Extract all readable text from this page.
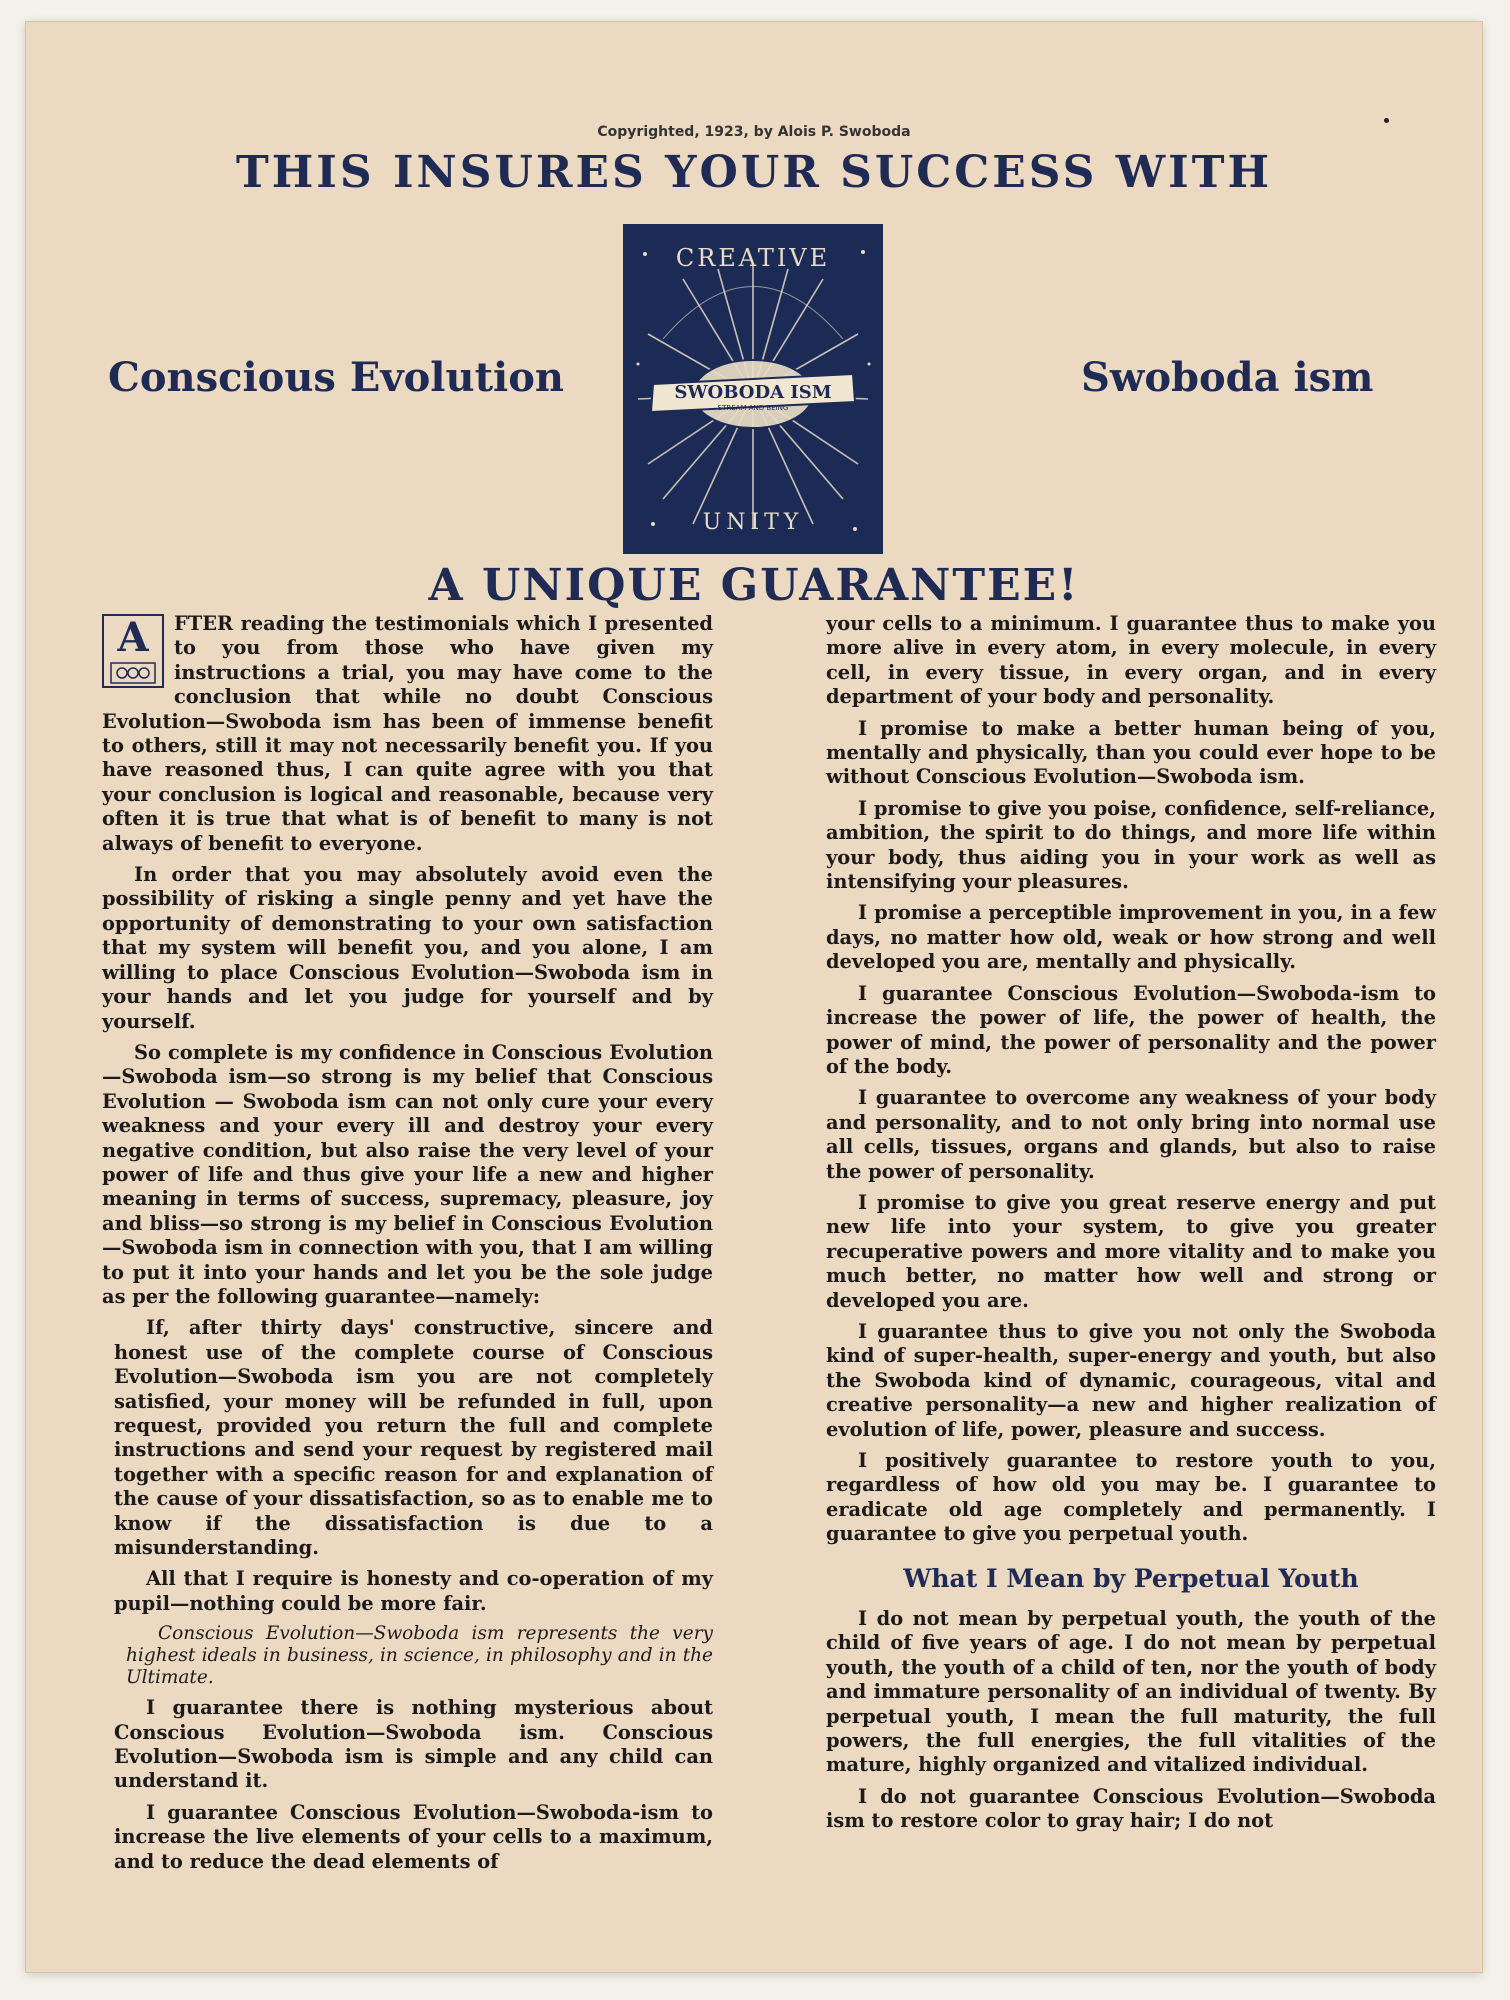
Copyrighted, 1923, by Alois P. Swoboda
THIS INSURES YOUR SUCCESS WITH
Conscious Evolution	Swoboda ism
CREATIVE
SWOBODA ISM
STREAM AND BEING
UNITY
A UNIQUE GUARANTEE!

A	FTER reading the testimonials which I presented to you from those who have given my instructions a trial, you may have come to the conclusion that while no doubt Conscious Evolution—Swoboda ism has been of immense benefit to others, still it may not necessarily benefit you. If you have reasoned thus, I can quite agree with you that your conclusion is logical and reasonable, because very often it is true that what is of benefit to many is not always of benefit to everyone.

In order that you may absolutely avoid even the possibility of risking a single penny and yet have the opportunity of demonstrating to your own satisfaction that my system will benefit you, and you alone, I am willing to place Conscious Evolution—Swoboda ism in your hands and let you judge for yourself and by yourself.

So complete is my confidence in Conscious Evolution—Swoboda ism—so strong is my belief that Conscious Evolution — Swoboda ism can not only cure your every weakness and your every ill and destroy your every negative condition, but also raise the very level of your power of life and thus give your life a new and higher meaning in terms of success, supremacy, pleasure, joy and bliss—so strong is my belief in Conscious Evolution—Swoboda ism in connection with you, that I am willing to put it into your hands and let you be the sole judge as per the following guarantee—namely:

If, after thirty days' constructive, sincere and honest use of the complete course of Conscious Evolution—Swoboda ism you are not completely satisfied, your money will be refunded in full, upon request, provided you return the full and complete instructions and send your request by registered mail together with a specific reason for and explanation of the cause of your dissatisfaction, so as to enable me to know if the dissatisfaction is due to a misunderstanding.

All that I require is honesty and co-operation of my pupil—nothing could be more fair.

Conscious Evolution—Swoboda ism represents the very highest ideals in business, in science, in philosophy and in the Ultimate.

I guarantee there is nothing mysterious about Conscious Evolution—Swoboda ism. Conscious Evolution—Swoboda ism is simple and any child can understand it.

I guarantee Conscious Evolution—Swoboda-ism to increase the live elements of your cells to a maximum, and to reduce the dead elements of

your cells to a minimum. I guarantee thus to make you more alive in every atom, in every molecule, in every cell, in every tissue, in every organ, and in every department of your body and personality.

I promise to make a better human being of you, mentally and physically, than you could ever hope to be without Conscious Evolution—Swoboda ism.

I promise to give you poise, confidence, self-reliance, ambition, the spirit to do things, and more life within your body, thus aiding you in your work as well as intensifying your pleasures.

I promise a perceptible improvement in you, in a few days, no matter how old, weak or how strong and well developed you are, mentally and physically.

I guarantee Conscious Evolution—Swoboda-ism to increase the power of life, the power of health, the power of mind, the power of personality and the power of the body.

I guarantee to overcome any weakness of your body and personality, and to not only bring into normal use all cells, tissues, organs and glands, but also to raise the power of personality.

I promise to give you great reserve energy and put new life into your system, to give you greater recuperative powers and more vitality and to make you much better, no matter how well and strong or developed you are.

I guarantee thus to give you not only the Swoboda kind of super-health, super-energy and youth, but also the Swoboda kind of dynamic, courageous, vital and creative personality—a new and higher realization of evolution of life, power, pleasure and success.

I positively guarantee to restore youth to you, regardless of how old you may be. I guarantee to eradicate old age completely and permanently. I guarantee to give you perpetual youth.

What I Mean by Perpetual Youth

I do not mean by perpetual youth, the youth of the child of five years of age. I do not mean by perpetual youth, the youth of a child of ten, nor the youth of body and immature personality of an individual of twenty. By perpetual youth, I mean the full maturity, the full powers, the full energies, the full vitalities of the mature, highly organized and vitalized individual.

I do not guarantee Conscious Evolution—Swoboda ism to restore color to gray hair; I do not
